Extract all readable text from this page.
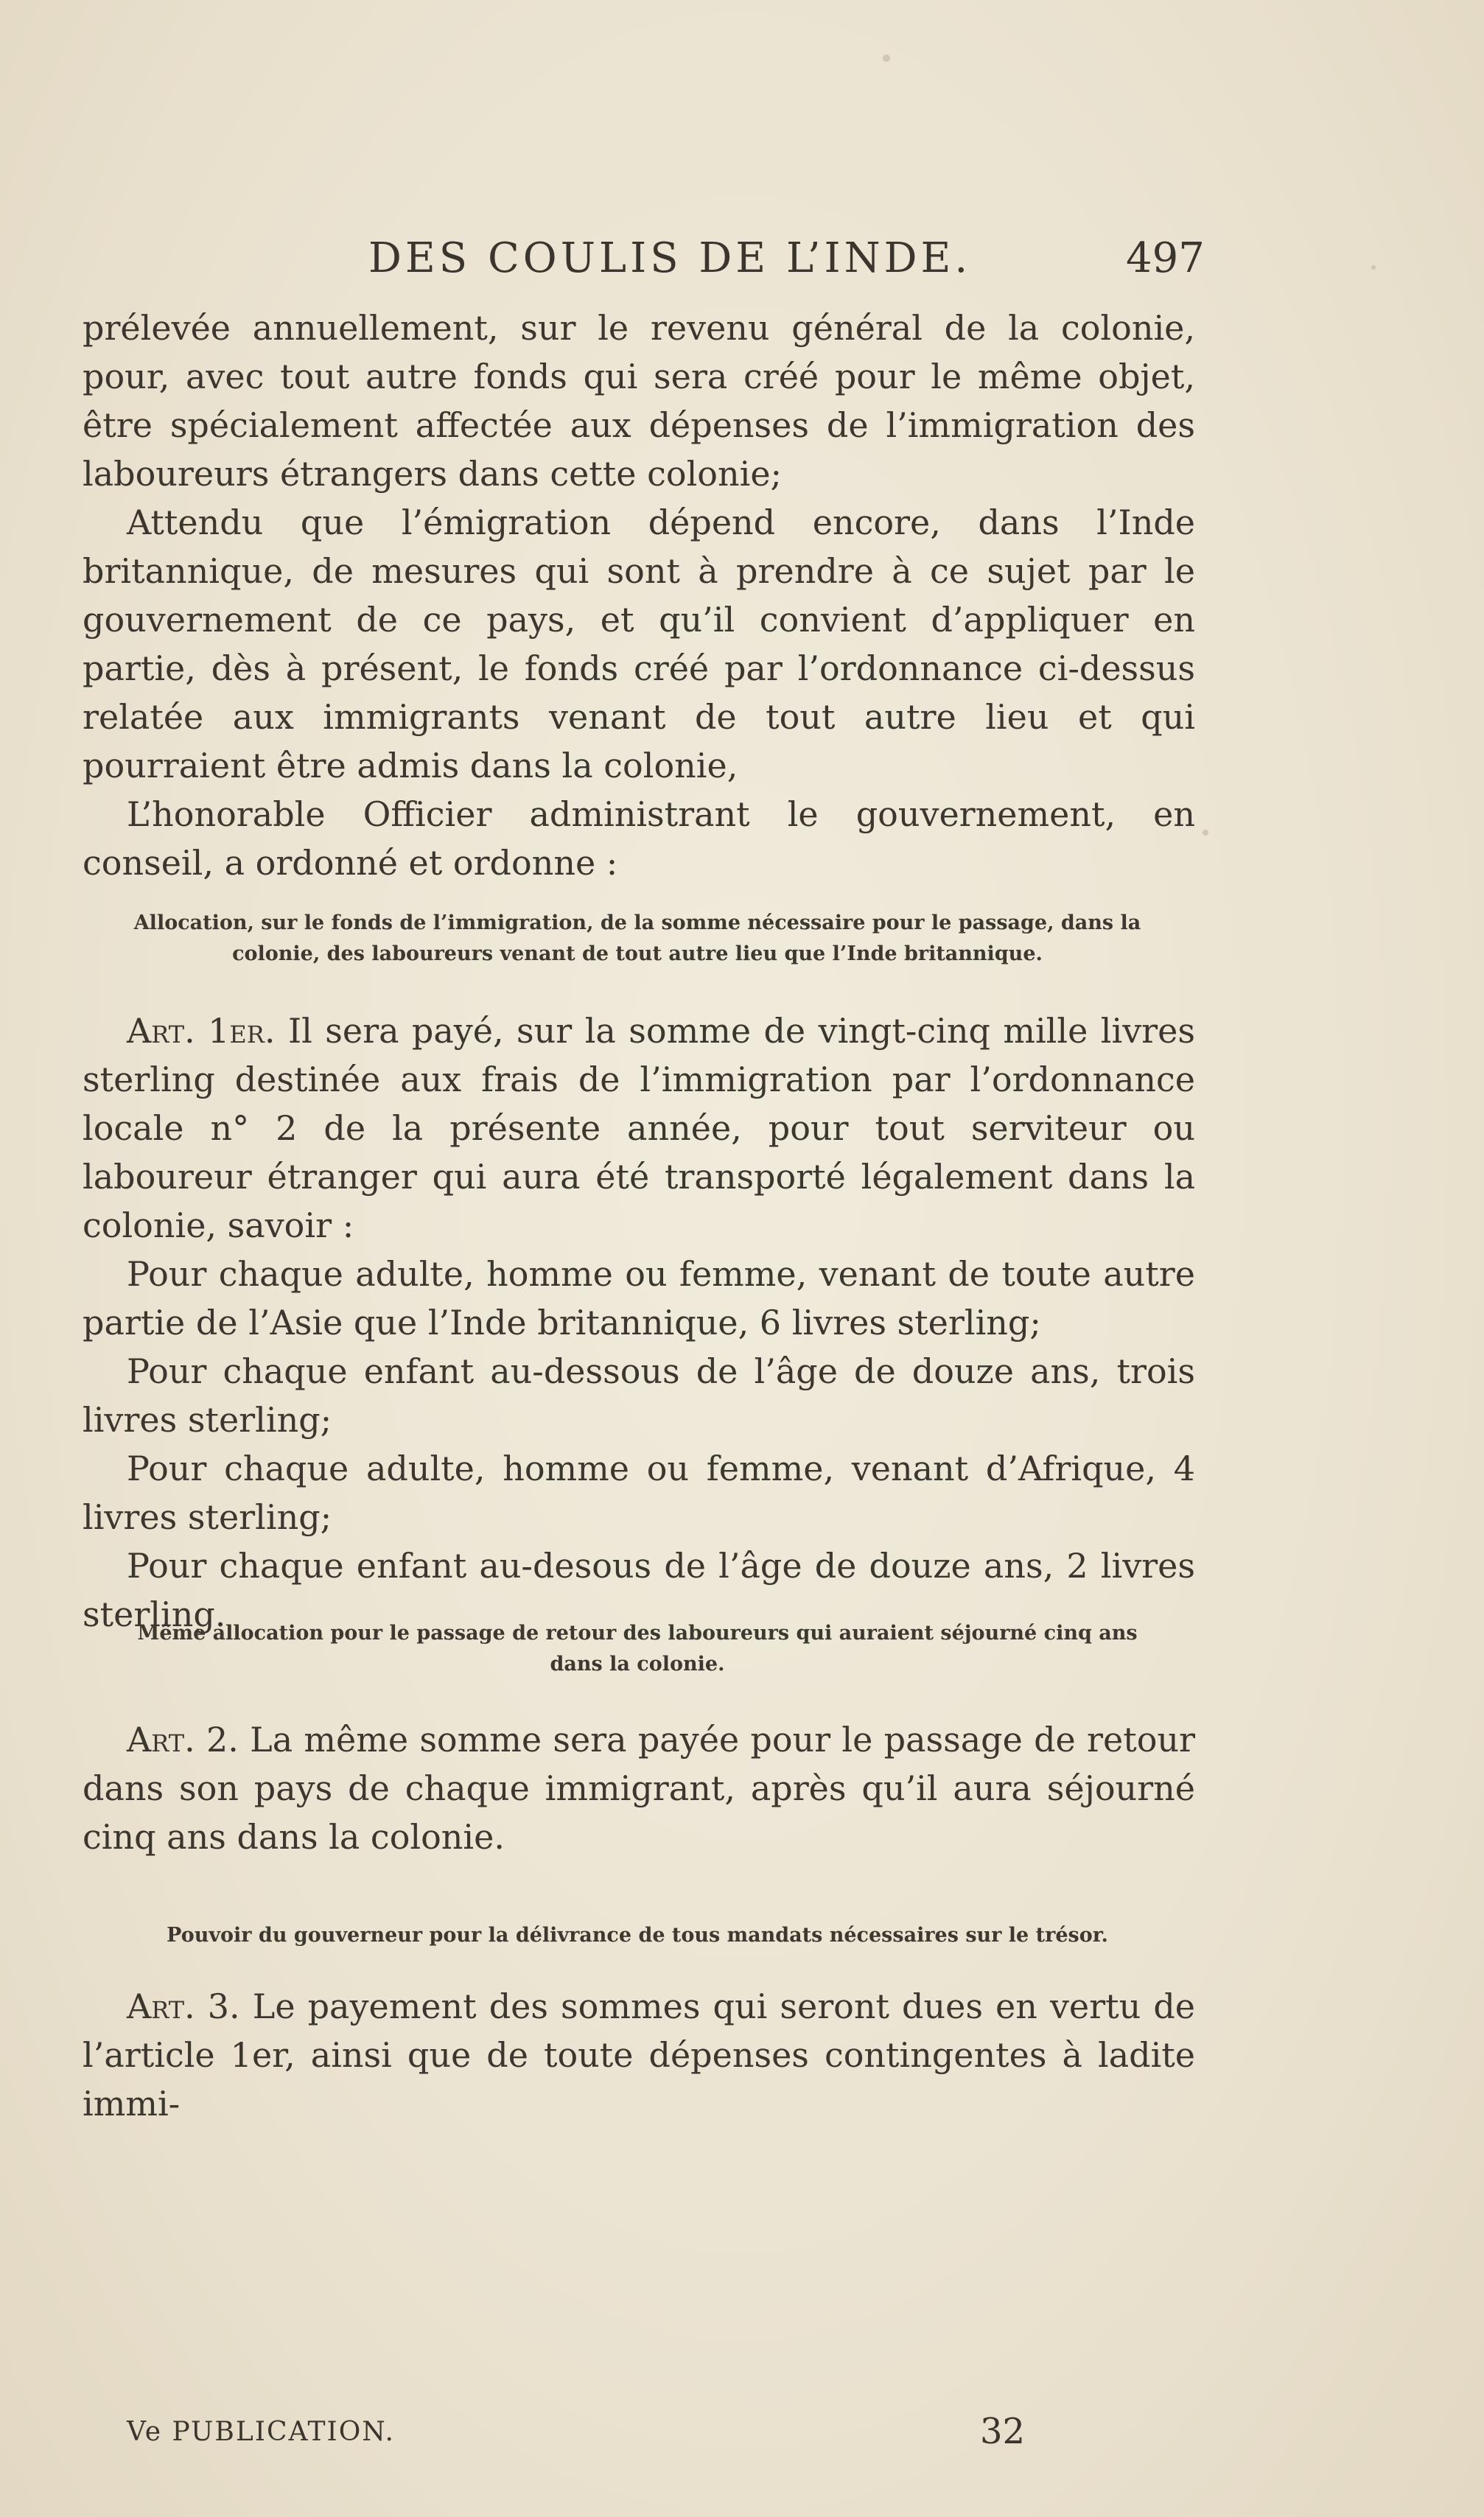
DES COULIS DE L’INDE.	497

prélevée annuellement, sur le revenu général de la colonie, pour, avec tout autre fonds qui sera créé pour le même objet, être spécialement affectée aux dépenses de l’immigration des laboureurs étrangers dans cette colonie;

Attendu que l’émigration dépend encore, dans l’Inde britannique, de mesures qui sont à prendre à ce sujet par le gouvernement de ce pays, et qu’il convient d’appliquer en partie, dès à présent, le fonds créé par l’ordonnance ci-dessus relatée aux immigrants venant de tout autre lieu et qui pourraient être admis dans la colonie,

L’honorable Officier administrant le gouvernement, en conseil, a ordonné et ordonne :

Allocation, sur le fonds de l’immigration, de la somme nécessaire pour le passage, dans la colonie, des laboureurs venant de tout autre lieu que l’Inde britannique.

Art. 1er. Il sera payé, sur la somme de vingt-cinq mille livres sterling destinée aux frais de l’immigration par l’ordonnance locale n° 2 de la présente année, pour tout serviteur ou laboureur étranger qui aura été transporté légalement dans la colonie, savoir :

Pour chaque adulte, homme ou femme, venant de toute autre partie de l’Asie que l’Inde britannique, 6 livres sterling;

Pour chaque enfant au-dessous de l’âge de douze ans, trois livres sterling;

Pour chaque adulte, homme ou femme, venant d’Afrique, 4 livres sterling;

Pour chaque enfant au-desous de l’âge de douze ans, 2 livres sterling.

Même allocation pour le passage de retour des laboureurs qui auraient séjourné cinq ans dans la colonie.

Art. 2. La même somme sera payée pour le passage de retour dans son pays de chaque immigrant, après qu’il aura séjourné cinq ans dans la colonie.

Pouvoir du gouverneur pour la délivrance de tous mandats nécessaires sur le trésor.

Art. 3. Le payement des sommes qui seront dues en vertu de l’article 1er, ainsi que de toute dépenses contingentes à ladite immi-

Ve PUBLICATION.	32
